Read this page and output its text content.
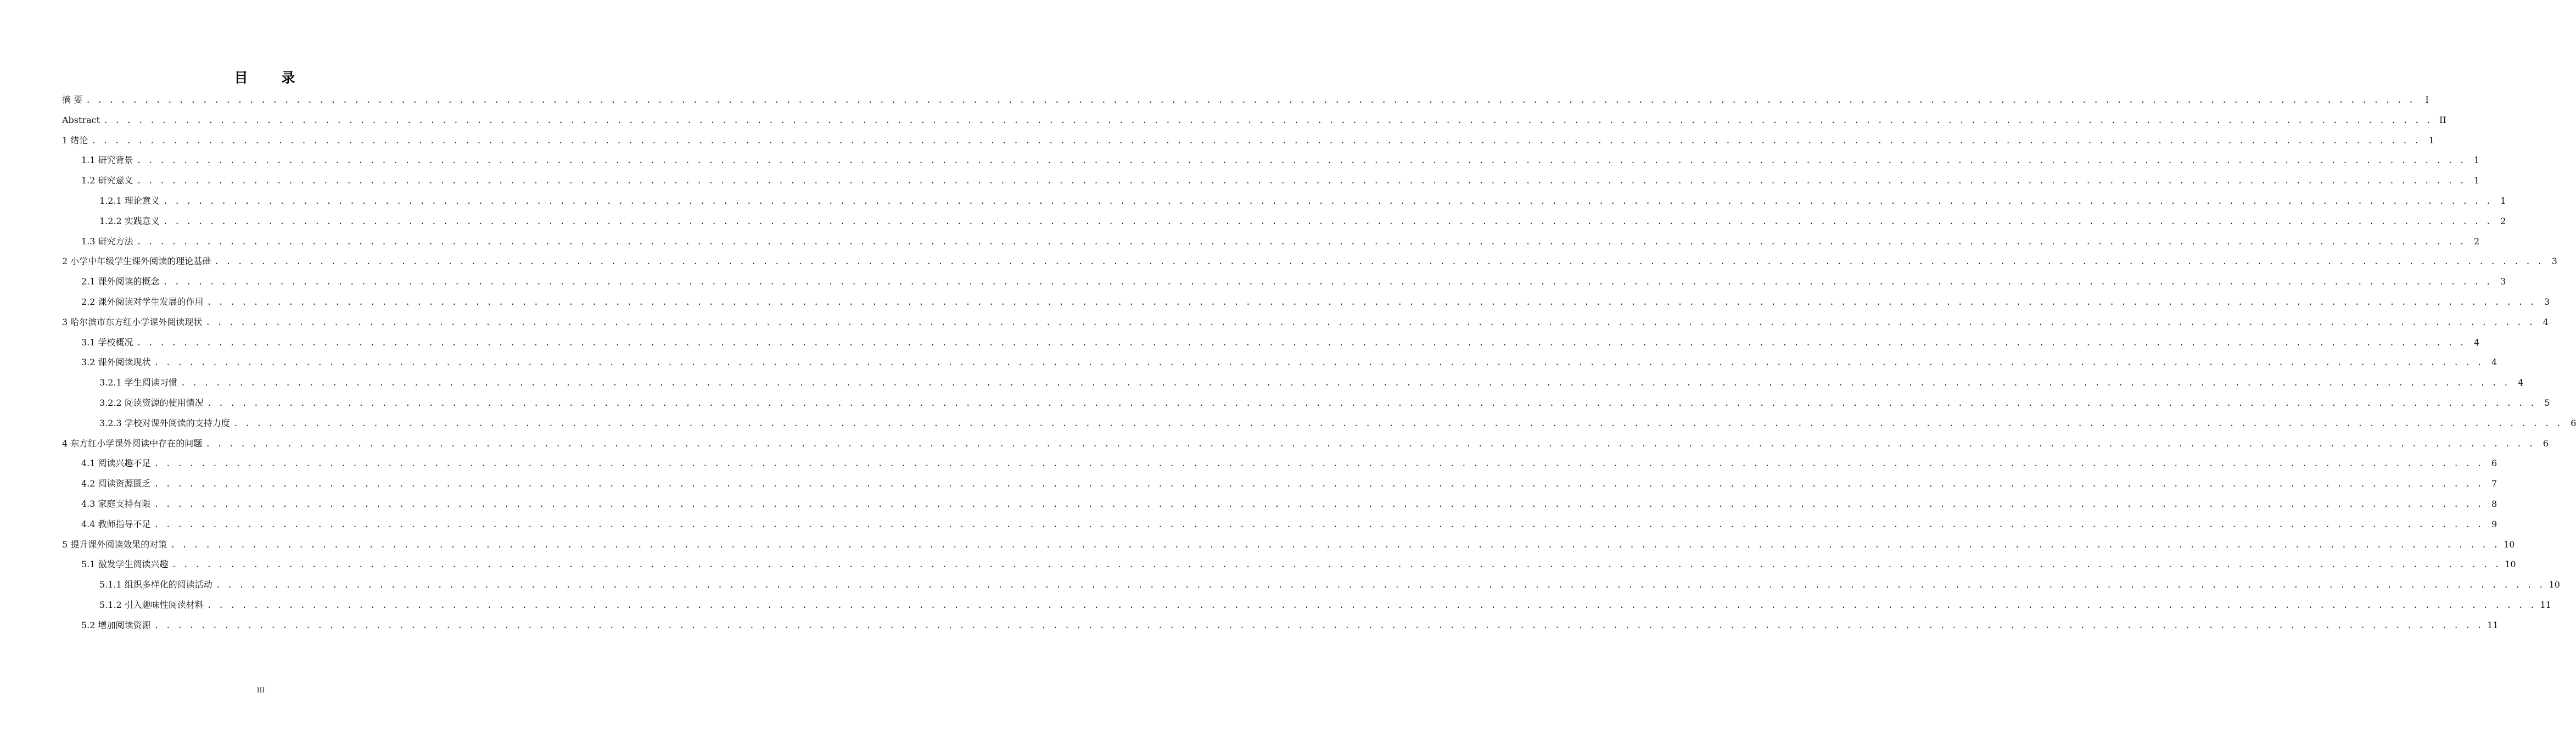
目 录
摘 要 . . . . . . . . . . . . . . . . . . . . . . . . . . . . . . . . . . . . . . . . . . . . . . . . . . . . . . . . . . . . . . . . . . . . . . . . . . . . . . . . . . . . . . . . . . . . . . . . . . . . . . . . . . . . . . . . . . . . . . . . . . . . . . . . . . . . . . . . . . . . . . . . . . . . . . . . . . . . . . . . . . . . . . . . . . . . . . . . . . . . . . . . . . . . . . . . . . . . . . . .	I
Abstract . . . . . . . . . . . . . . . . . . . . . . . . . . . . . . . . . . . . . . . . . . . . . . . . . . . . . . . . . . . . . . . . . . . . . . . . . . . . . . . . . . . . . . . . . . . . . . . . . . . . . . . . . . . . . . . . . . . . . . . . . . . . . . . . . . . . . . . . . . . . . . . . . . . . . . . . . . . . . . . . . . . . . . . . . . . . . . . . . . . . . . . . . . . . . . . . . . . . . . . . II
1 绪论 . . . . . . . . . . . . . . . . . . . . . . . . . . . . . . . . . . . . . . . . . . . . . . . . . . . . . . . . . . . . . . . . . . . . . . . . . . . . . . . . . . . . . . . . . . . . . . . . . . . . . . . . . . . . . . . . . . . . . . . . . . . . . . . . . . . . . . . . . . . . . . . . . . . . . . . . . . . . . . . . . . . . . . . . . . . . . . . . . . . . . . . . . . . . . . . . . . . . . . . . 1
1.1 研究背景 . . . . . . . . . . . . . . . . . . . . . . . . . . . . . . . . . . . . . . . . . . . . . . . . . . . . . . . . . . . . . . . . . . . . . . . . . . . . . . . . . . . . . . . . . . . . . . . . . . . . . . . . . . . . . . . . . . . . . . . . . . . . . . . . . . . . . . . . . . . . . . . . . . . . . . . . . . . . . . . . . . . . . . . . . . . . . . . . . . . . . . . . . . . . . . . . . . . . . . . . 1
1.2 研究意义 . . . . . . . . . . . . . . . . . . . . . . . . . . . . . . . . . . . . . . . . . . . . . . . . . . . . . . . . . . . . . . . . . . . . . . . . . . . . . . . . . . . . . . . . . . . . . . . . . . . . . . . . . . . . . . . . . . . . . . . . . . . . . . . . . . . . . . . . . . . . . . . . . . . . . . . . . . . . . . . . . . . . . . . . . . . . . . . . . . . . . . . . . . . . . . . . . . . . . . . . 1
1.2.1 理论意义 . . . . . . . . . . . . . . . . . . . . . . . . . . . . . . . . . . . . . . . . . . . . . . . . . . . . . . . . . . . . . . . . . . . . . . . . . . . . . . . . . . . . . . . . . . . . . . . . . . . . . . . . . . . . . . . . . . . . . . . . . . . . . . . . . . . . . . . . . . . . . . . . . . . . . . . . . . . . . . . . . . . . . . . . . . . . . . . . . . . . . . . . . . . . . . . . . . . . . . . . 1
1.2.2 实践意义 . . . . . . . . . . . . . . . . . . . . . . . . . . . . . . . . . . . . . . . . . . . . . . . . . . . . . . . . . . . . . . . . . . . . . . . . . . . . . . . . . . . . . . . . . . . . . . . . . . . . . . . . . . . . . . . . . . . . . . . . . . . . . . . . . . . . . . . . . . . . . . . . . . . . . . . . . . . . . . . . . . . . . . . . . . . . . . . . . . . . . . . . . . . . . . . . . . . . . . . . 2
1.3 研究方法 . . . . . . . . . . . . . . . . . . . . . . . . . . . . . . . . . . . . . . . . . . . . . . . . . . . . . . . . . . . . . . . . . . . . . . . . . . . . . . . . . . . . . . . . . . . . . . . . . . . . . . . . . . . . . . . . . . . . . . . . . . . . . . . . . . . . . . . . . . . . . . . . . . . . . . . . . . . . . . . . . . . . . . . . . . . . . . . . . . . . . . . . . . . . . . . . . . . . . . . . 2
2 小学中年级学生课外阅读的理论基础 . . . . . . . . . . . . . . . . . . . . . . . . . . . . . . . . . . . . . . . . . . . . . . . . . . . . . . . . . . . . . . . . . . . . . . . . . . . . . . . . . . . . . . . . . . . . . . . . . . . . . . . . . . . . . . . . . . . . . . . . . . . . . . . . . . . . . . . . . . . . . . . . . . . . . . . . . . . . . . . . . . . . . . . . . . . . . . . . . . . . . . . . . . . . . . . . . . . . . . . . 3
2.1 课外阅读的概念 . . . . . . . . . . . . . . . . . . . . . . . . . . . . . . . . . . . . . . . . . . . . . . . . . . . . . . . . . . . . . . . . . . . . . . . . . . . . . . . . . . . . . . . . . . . . . . . . . . . . . . . . . . . . . . . . . . . . . . . . . . . . . . . . . . . . . . . . . . . . . . . . . . . . . . . . . . . . . . . . . . . . . . . . . . . . . . . . . . . . . . . . . . . . . . . . . . . . . . . . 3
2.2 课外阅读对学生发展的作用 . . . . . . . . . . . . . . . . . . . . . . . . . . . . . . . . . . . . . . . . . . . . . . . . . . . . . . . . . . . . . . . . . . . . . . . . . . . . . . . . . . . . . . . . . . . . . . . . . . . . . . . . . . . . . . . . . . . . . . . . . . . . . . . . . . . . . . . . . . . . . . . . . . . . . . . . . . . . . . . . . . . . . . . . . . . . . . . . . . . . . . . . . . . . . . . . . . . . . . . . 3
3 哈尔滨市东方红小学课外阅读现状 . . . . . . . . . . . . . . . . . . . . . . . . . . . . . . . . . . . . . . . . . . . . . . . . . . . . . . . . . . . . . . . . . . . . . . . . . . . . . . . . . . . . . . . . . . . . . . . . . . . . . . . . . . . . . . . . . . . . . . . . . . . . . . . . . . . . . . . . . . . . . . . . . . . . . . . . . . . . . . . . . . . . . . . . . . . . . . . . . . . . . . . . . . . . . . . . . . . . . . . . 4
3.1 学校概况 . . . . . . . . . . . . . . . . . . . . . . . . . . . . . . . . . . . . . . . . . . . . . . . . . . . . . . . . . . . . . . . . . . . . . . . . . . . . . . . . . . . . . . . . . . . . . . . . . . . . . . . . . . . . . . . . . . . . . . . . . . . . . . . . . . . . . . . . . . . . . . . . . . . . . . . . . . . . . . . . . . . . . . . . . . . . . . . . . . . . . . . . . . . . . . . . . . . . . . . . 4
3.2 课外阅读现状 . . . . . . . . . . . . . . . . . . . . . . . . . . . . . . . . . . . . . . . . . . . . . . . . . . . . . . . . . . . . . . . . . . . . . . . . . . . . . . . . . . . . . . . . . . . . . . . . . . . . . . . . . . . . . . . . . . . . . . . . . . . . . . . . . . . . . . . . . . . . . . . . . . . . . . . . . . . . . . . . . . . . . . . . . . . . . . . . . . . . . . . . . . . . . . . . . . . . . . . . 4
3.2.1 学生阅读习惯 . . . . . . . . . . . . . . . . . . . . . . . . . . . . . . . . . . . . . . . . . . . . . . . . . . . . . . . . . . . . . . . . . . . . . . . . . . . . . . . . . . . . . . . . . . . . . . . . . . . . . . . . . . . . . . . . . . . . . . . . . . . . . . . . . . . . . . . . . . . . . . . . . . . . . . . . . . . . . . . . . . . . . . . . . . . . . . . . . . . . . . . . . . . . . . . . . . . . . . . . 4
3.2.2 阅读资源的使用情况 . . . . . . . . . . . . . . . . . . . . . . . . . . . . . . . . . . . . . . . . . . . . . . . . . . . . . . . . . . . . . . . . . . . . . . . . . . . . . . . . . . . . . . . . . . . . . . . . . . . . . . . . . . . . . . . . . . . . . . . . . . . . . . . . . . . . . . . . . . . . . . . . . . . . . . . . . . . . . . . . . . . . . . . . . . . . . . . . . . . . . . . . . . . . . . . . . . . . . . . . 5
3.2.3 学校对课外阅读的支持力度 . . . . . . . . . . . . . . . . . . . . . . . . . . . . . . . . . . . . . . . . . . . . . . . . . . . . . . . . . . . . . . . . . . . . . . . . . . . . . . . . . . . . . . . . . . . . . . . . . . . . . . . . . . . . . . . . . . . . . . . . . . . . . . . . . . . . . . . . . . . . . . . . . . . . . . . . . . . . . . . . . . . . . . . . . . . . . . . . . . . . . . . . . . . . . . . . . . . . . . . . 6
4 东方红小学课外阅读中存在的问题 . . . . . . . . . . . . . . . . . . . . . . . . . . . . . . . . . . . . . . . . . . . . . . . . . . . . . . . . . . . . . . . . . . . . . . . . . . . . . . . . . . . . . . . . . . . . . . . . . . . . . . . . . . . . . . . . . . . . . . . . . . . . . . . . . . . . . . . . . . . . . . . . . . . . . . . . . . . . . . . . . . . . . . . . . . . . . . . . . . . . . . . . . . . . . . . . . . . . . . . . 6
4.1 阅读兴趣不足 . . . . . . . . . . . . . . . . . . . . . . . . . . . . . . . . . . . . . . . . . . . . . . . . . . . . . . . . . . . . . . . . . . . . . . . . . . . . . . . . . . . . . . . . . . . . . . . . . . . . . . . . . . . . . . . . . . . . . . . . . . . . . . . . . . . . . . . . . . . . . . . . . . . . . . . . . . . . . . . . . . . . . . . . . . . . . . . . . . . . . . . . . . . . . . . . . . . . . . . . 6
4.2 阅读资源匮乏 . . . . . . . . . . . . . . . . . . . . . . . . . . . . . . . . . . . . . . . . . . . . . . . . . . . . . . . . . . . . . . . . . . . . . . . . . . . . . . . . . . . . . . . . . . . . . . . . . . . . . . . . . . . . . . . . . . . . . . . . . . . . . . . . . . . . . . . . . . . . . . . . . . . . . . . . . . . . . . . . . . . . . . . . . . . . . . . . . . . . . . . . . . . . . . . . . . . . . . . . 7
4.3 家庭支持有限 . . . . . . . . . . . . . . . . . . . . . . . . . . . . . . . . . . . . . . . . . . . . . . . . . . . . . . . . . . . . . . . . . . . . . . . . . . . . . . . . . . . . . . . . . . . . . . . . . . . . . . . . . . . . . . . . . . . . . . . . . . . . . . . . . . . . . . . . . . . . . . . . . . . . . . . . . . . . . . . . . . . . . . . . . . . . . . . . . . . . . . . . . . . . . . . . . . . . . . . . 8
4.4 教师指导不足 . . . . . . . . . . . . . . . . . . . . . . . . . . . . . . . . . . . . . . . . . . . . . . . . . . . . . . . . . . . . . . . . . . . . . . . . . . . . . . . . . . . . . . . . . . . . . . . . . . . . . . . . . . . . . . . . . . . . . . . . . . . . . . . . . . . . . . . . . . . . . . . . . . . . . . . . . . . . . . . . . . . . . . . . . . . . . . . . . . . . . . . . . . . . . . . . . . . . . . . . 9
5 提升课外阅读效果的对策 . . . . . . . . . . . . . . . . . . . . . . . . . . . . . . . . . . . . . . . . . . . . . . . . . . . . . . . . . . . . . . . . . . . . . . . . . . . . . . . . . . . . . . . . . . . . . . . . . . . . . . . . . . . . . . . . . . . . . . . . . . . . . . . . . . . . . . . . . . . . . . . . . . . . . . . . . . . . . . . . . . . . . . . . . . . . . . . . . . . . . . . . . . . . . . . . . . . . . . . . 10
5.1 激发学生阅读兴趣 . . . . . . . . . . . . . . . . . . . . . . . . . . . . . . . . . . . . . . . . . . . . . . . . . . . . . . . . . . . . . . . . . . . . . . . . . . . . . . . . . . . . . . . . . . . . . . . . . . . . . . . . . . . . . . . . . . . . . . . . . . . . . . . . . . . . . . . . . . . . . . . . . . . . . . . . . . . . . . . . . . . . . . . . . . . . . . . . . . . . . . . . . . . . . . . . . . . . . . . . 10
5.1.1 组织多样化的阅读活动 . . . . . . . . . . . . . . . . . . . . . . . . . . . . . . . . . . . . . . . . . . . . . . . . . . . . . . . . . . . . . . . . . . . . . . . . . . . . . . . . . . . . . . . . . . . . . . . . . . . . . . . . . . . . . . . . . . . . . . . . . . . . . . . . . . . . . . . . . . . . . . . . . . . . . . . . . . . . . . . . . . . . . . . . . . . . . . . . . . . . . . . . . . . . . . . . . . . . . . . . 10
5.1.2 引入趣味性阅读材料 . . . . . . . . . . . . . . . . . . . . . . . . . . . . . . . . . . . . . . . . . . . . . . . . . . . . . . . . . . . . . . . . . . . . . . . . . . . . . . . . . . . . . . . . . . . . . . . . . . . . . . . . . . . . . . . . . . . . . . . . . . . . . . . . . . . . . . . . . . . . . . . . . . . . . . . . . . . . . . . . . . . . . . . . . . . . . . . . . . . . . . . . . . . . . . . . . . . . . . . . 11
5.2 增加阅读资源 . . . . . . . . . . . . . . . . . . . . . . . . . . . . . . . . . . . . . . . . . . . . . . . . . . . . . . . . . . . . . . . . . . . . . . . . . . . . . . . . . . . . . . . . . . . . . . . . . . . . . . . . . . . . . . . . . . . . . . . . . . . . . . . . . . . . . . . . . . . . . . . . . . . . . . . . . . . . . . . . . . . . . . . . . . . . . . . . . . . . . . . . . . . . . . . . . . . . . . . . 11
III
